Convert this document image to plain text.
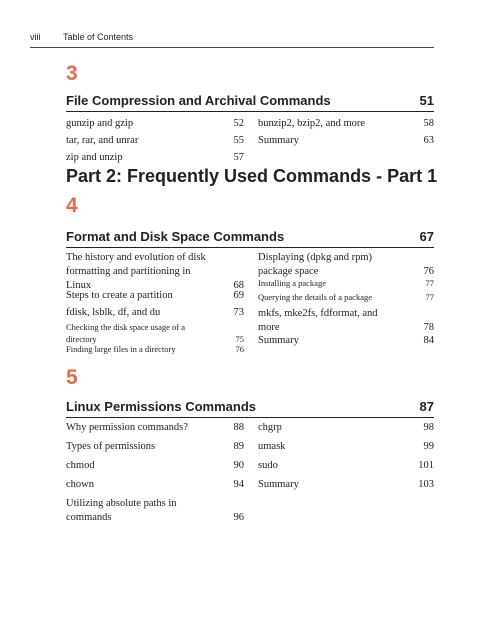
viii	Table of Contents
3
File Compression and Archival Commands	51
gunzip and gzip	52
tar, rar, and unrar	55
zip and unzip	57
bunzip2, bzip2, and more	58
Summary	63
Part 2: Frequently Used Commands - Part 1
4
Format and Disk Space Commands	67
The history and evolution of disk
formatting and partitioning in
Linux	68
Steps to create a partition	69
fdisk, lsblk, df, and du	73
Checking the disk space usage of a
directory	75
Finding large files in a directory	76
Displaying (dpkg and rpm)
package space	76
Installing a package	77
Querying the details of a package	77
mkfs, mke2fs, fdformat, and
more	78
Summary	84
5
Linux Permissions Commands	87
Why permission commands?	88
Types of permissions	89
chmod	90
chown	94
Utilizing absolute paths in
commands	96
chgrp	98
umask	99
sudo	101
Summary	103
